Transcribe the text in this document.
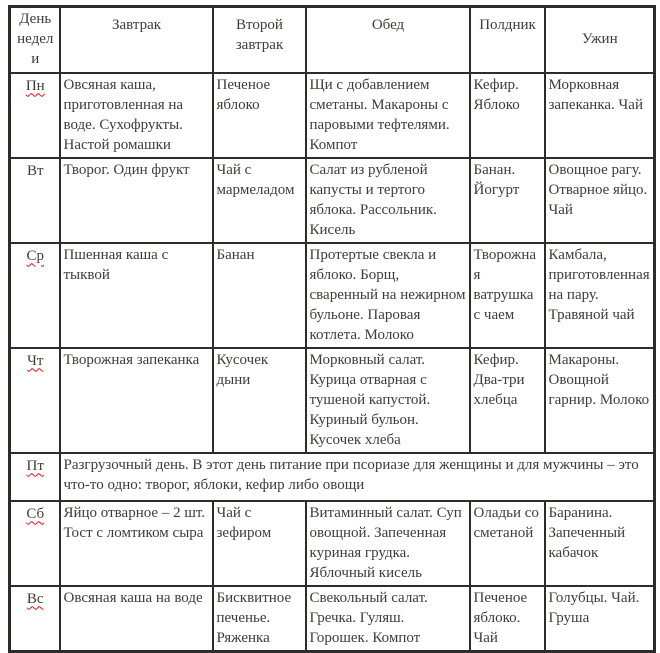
День недели	Завтрак	Второй завтрак	Обед	Полдник	Ужин
Пн	Овсяная каша, приготовленная на воде. Сухофрукты. Настой ромашки	Печеное яблоко	Щи с добавлением сметаны. Макароны с паровыми тефтелями. Компот	Кефир. Яблоко	Морковная запеканка. Чай
Вт	Творог. Один фрукт	Чай с мармеладом	Салат из рубленой капусты и тертого яблока. Рассольник. Кисель	Банан. Йогурт	Овощное рагу. Отварное яйцо. Чай
Ср	Пшенная каша с тыквой	Банан	Протертые свекла и яблоко. Борщ, сваренный на нежирном бульоне. Паровая котлета. Молоко	Творожная ватрушка с чаем	Камбала, приготовленная на пару. Травяной чай
Чт	Творожная запеканка	Кусочек дыни	Морковный салат. Курица отварная с тушеной капустой. Куриный бульон. Кусочек хлеба	Кефир. Два-три хлебца	Макароны. Овощной гарнир. Молоко
Пт	Разгрузочный день. В этот день питание при псориазе для женщины и для мужчины – это что-то одно: творог, яблоки, кефир либо овощи				
Сб	Яйцо отварное – 2 шт. Тост с ломтиком сыра	Чай с зефиром	Витаминный салат. Суп овощной. Запеченная куриная грудка. Яблочный кисель	Оладьи со сметаной	Баранина. Запеченный кабачок
Вс	Овсяная каша на воде	Бисквитное печенье. Ряженка	Свекольный салат. Гречка. Гуляш. Горошек. Компот	Печеное яблоко. Чай	Голубцы. Чай. Груша
